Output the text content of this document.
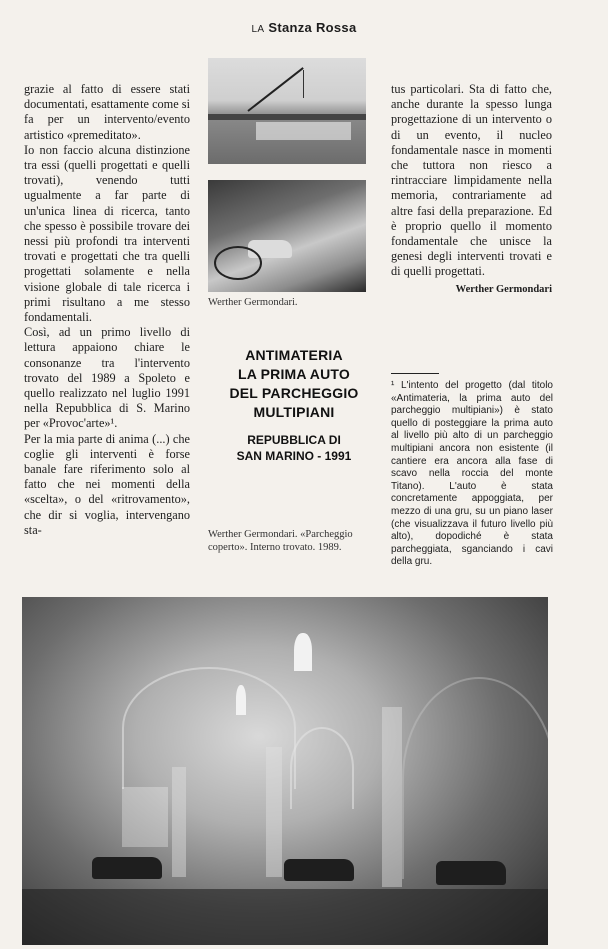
LA Stanza Rossa

grazie al fatto di essere stati documentati, esattamente come si fa per un intervento/evento artistico «premeditato».

Io non faccio alcuna distinzione tra essi (quelli progettati e quelli trovati), venendo tutti ugualmente a far parte di un'unica linea di ricerca, tanto che spesso è possibile trovare dei nessi più profondi tra interventi trovati e progettati che tra quelli progettati solamente e nella visione globale di tale ricerca i primi risultano a me stesso fondamentali.

Così, ad un primo livello di lettura appaiono chiare le consonanze tra l'intervento trovato del 1989 a Spoleto e quello realizzato nel luglio 1991 nella Repubblica di S. Marino per «Provoc'arte»¹.

Per la mia parte di anima (...) che coglie gli interventi è forse banale fare riferimento solo al fatto che nei momenti della «scelta», o del «ritrovamento», che dir si voglia, intervengano sta-

Werther Germondari.
ANTIMATERIA
LA PRIMA AUTO
DEL PARCHEGGIO
MULTIPIANI
REPUBBLICA DI
SAN MARINO - 1991
Werther Germondari. «Parcheggio coperto». Interno trovato. 1989.

tus particolari. Sta di fatto che, anche durante la spesso lunga progettazione di un intervento o di un evento, il nucleo fondamentale nasce in momenti che tuttora non riesco a rintracciare limpidamente nella memoria, contrariamente ad altre fasi della preparazione. Ed è proprio quello il momento fondamentale che unisce la genesi degli interventi trovati e di quelli progettati.

Werther Germondari
¹ L'intento del progetto (dal titolo «Antimateria, la prima auto del parcheggio multipiani») è stato quello di posteggiare la prima auto al livello più alto di un parcheggio multipiani ancora non esistente (il cantiere era ancora alla fase di scavo nella roccia del monte Titano). L'auto è stata concretamente appoggiata, per mezzo di una gru, su un piano laser (che visualizzava il futuro livello più alto), dopodiché è stata parcheggiata, sganciando i cavi della gru.
